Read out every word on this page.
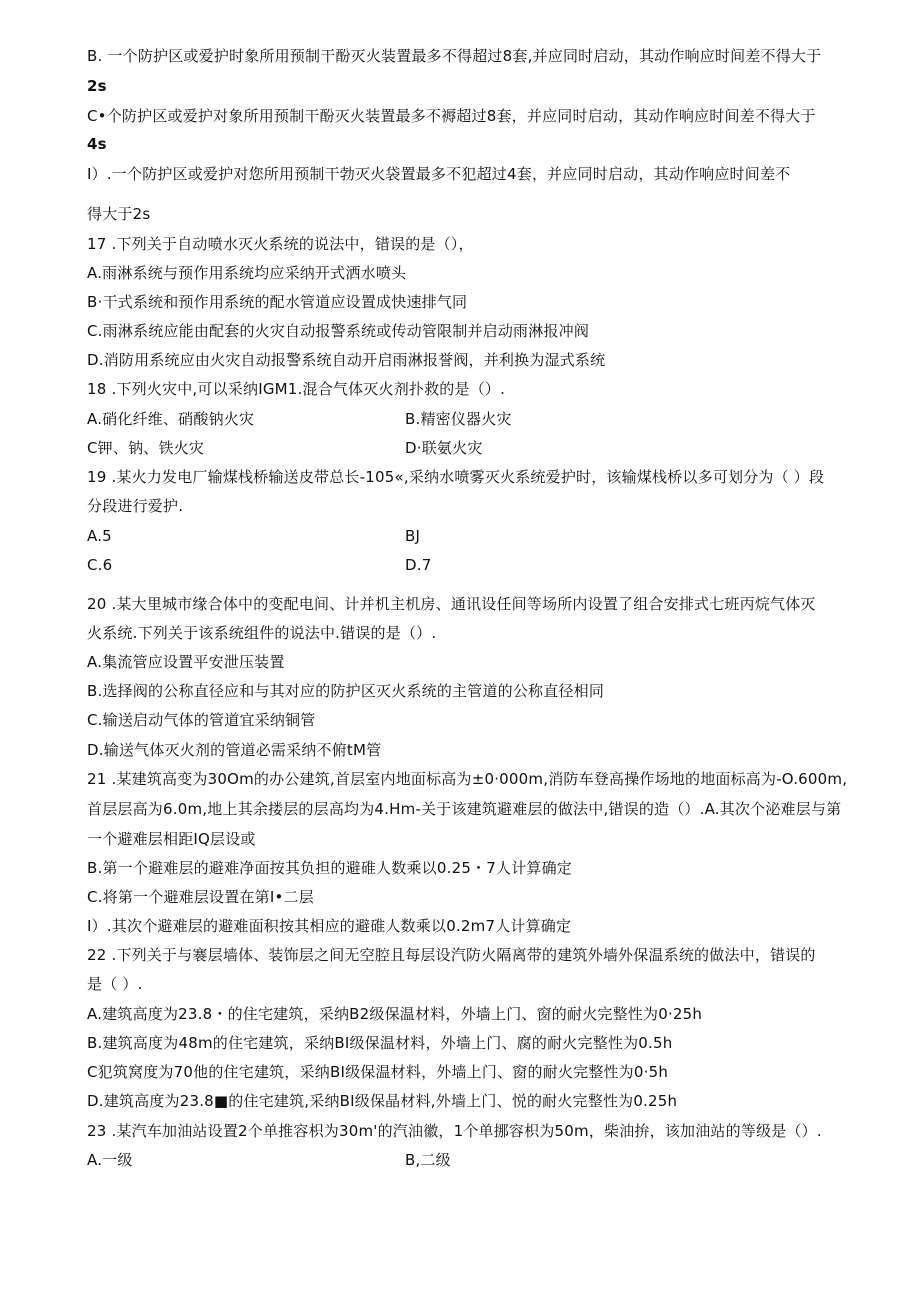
B. 一个防护区或爱护时象所用预制干酚灭火装置最多不得超过8套,并应同时启动，其动作响应时间差不得大于
2s
C•个防护区或爱护对象所用预制干酚灭火装置最多不褥超过8套，并应同时启动，其动作响应时间差不得大于
4s
I）.一个防护区或爱护对您所用预制干勃灭火袋置最多不犯超过4套，并应同时启动，其动作响应时间差不
得大于2s
17 .下列关于自动喷水灭火系统的说法中，错误的是（），
A.雨淋系统与预作用系统均应采纳开式洒水喷头
B·干式系统和预作用系统的配水管道应设置成快速排气同
C.雨淋系统应能由配套的火灾自动报警系统或传动管限制并启动雨淋报冲阀
D.消防用系统应由火灾自动报警系统自动开启雨淋报誉阀，并利换为湿式系统
18 .下列火灾中,可以采纳IGM1.混合气体灭火剂扑救的是（）.
A.硝化纤维、硝酸钠火灾	B.精密仪器火灾
C钾、钠、铁火灾	D·联氨火灾
19 .某火力发电厂输煤栈桥输送皮带总长-105«,采纳水喷雾灭火系统爱护时，该输煤栈桥以多可划分为（ ）段
分段进行爱护.
A.5	BJ
C.6	D.7
20 .某大里城市缘合体中的变配电间、计并机主机房、通讯设任间等场所内设置了组合安排式七班丙烷气体灭
火系统.下列关于该系统组件的说法中.错误的是（）.
A.集流管应设置平安泄压装置
B.选择阀的公称直径应和与其对应的防护区灭火系统的主管道的公称直径相同
C.输送启动气体的管道宜采纳铜管
D.输送气体灭火剂的管道必需采纳不俯tM管
21 .某建筑高变为30Om的办公建筑,首层室内地面标高为±0·000m,消防车登高操作场地的地面标高为-O.600m,
首层层高为6.0m,地上其余搂层的层高均为4.Hm-关于该建筑避难层的做法中,错误的造（）.A.其次个泌难层与第
一个避难层相距IQ层设或
B.第一个避难层的避难净面按其负担的避碓人数乘以0.25・7人计算确定
C.将第一个避难层设置在第I•二层
I）.其次个避难层的避难面积按其相应的避碓人数乘以0.2m7人计算确定
22 .下列关于与褰层墙体、装饰层之间无空腔且每层设汽防火隔离带的建筑外墙外保温系统的做法中，错误的
是（ ）.
A.建筑高度为23.8・的住宅建筑，采纳B2级保温材料，外墙上门、窗的耐火完整性为0·25h
B.建筑高度为48m的住宅建筑，采纳BI级保温材料，外墙上门、腐的耐火完整性为0.5h
C犯筑窝度为70他的住宅建筑，采纳BI级保温材料，外墙上门、窗的耐火完整性为0·5h
D.建筑高度为23.8■的住宅建筑,采纳BI级保晶材料,外墙上门、悦的耐火完整性为0.25h
23 .某汽车加油站设置2个单推容枳为30m'的汽油徽，1个单挪容枳为50m，柴油拚，该加油站的等级是（）.
A.一级	B,二级
